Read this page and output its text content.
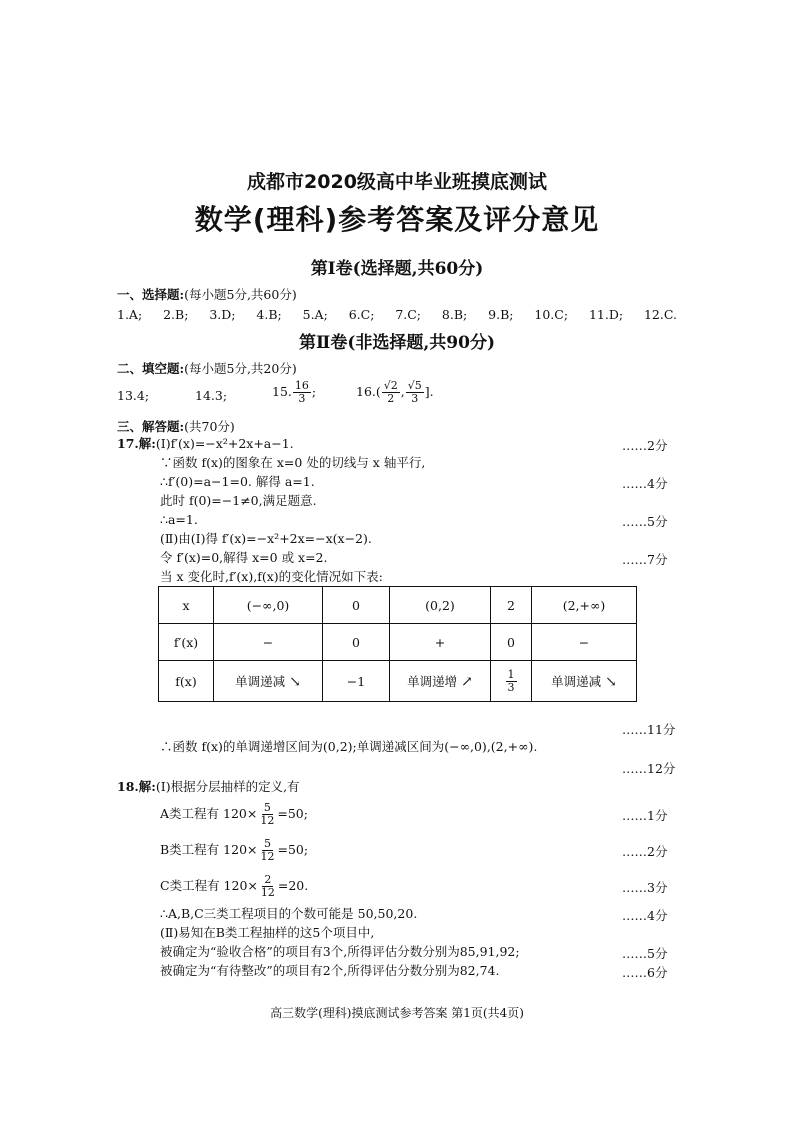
成都市2020级高中毕业班摸底测试
数学(理科)参考答案及评分意见
第Ⅰ卷(选择题,共60分)
一、选择题:(每小题5分,共60分)
1.A; 2.B; 3.D; 4.B; 5.A; 6.C; 7.C; 8.B; 9.B; 10.C; 11.D; 12.C.
第Ⅱ卷(非选择题,共90分)
二、填空题:(每小题5分,共20分)
13.4;	14.3;	15. $\frac{16}{3}$ ;	$16.( \frac{√2}{2}$ , $\frac{√5}{3}$ ].
三、解答题:(共70分)
17.解:(Ⅰ)f′(x)=−x²+2x+a−1.	……2分
∵函数 f(x)的图象在 x=0 处的切线与 x 轴平行,
∴f′(0)=a−1=0. 解得 a=1.	……4分
此时 f(0)=−1≠0,满足题意.
∴a=1.	……5分
(Ⅱ)由(Ⅰ)得 f′(x)=−x²+2x=−x(x−2).
令 f′(x)=0,解得 x=0 或 x=2.	……7分
当 x 变化时,f′(x),f(x)的变化情况如下表:
x	(−∞,0)	0	(0,2)	2	(2,+∞)
f′(x)	−	0	+	0	−
f(x)	单调递减 ↘	−1	单调递增 ↗	$\frac{1}{3}$	单调递减 ↘
……11分
∴函数 f(x)的单调递增区间为(0,2);单调递减区间为(−∞,0),(2,+∞).
……12分
18.解:(Ⅰ)根据分层抽样的定义,有
A类工程有 $120\times \frac{5}{12} =50$;	……1分
B类工程有 $120\times \frac{5}{12} =50$;	……2分
C类工程有 $120\times \frac{2}{12} =20$.	……3分
∴A,B,C三类工程项目的个数可能是 50,50,20.	……4分
(Ⅱ)易知在B类工程抽样的这5个项目中,
被确定为“验收合格”的项目有3个,所得评估分数分别为85,91,92;	……5分
被确定为“有待整改”的项目有2个,所得评估分数分别为82,74.	……6分
高三数学(理科)摸底测试参考答案 第1页(共4页)
